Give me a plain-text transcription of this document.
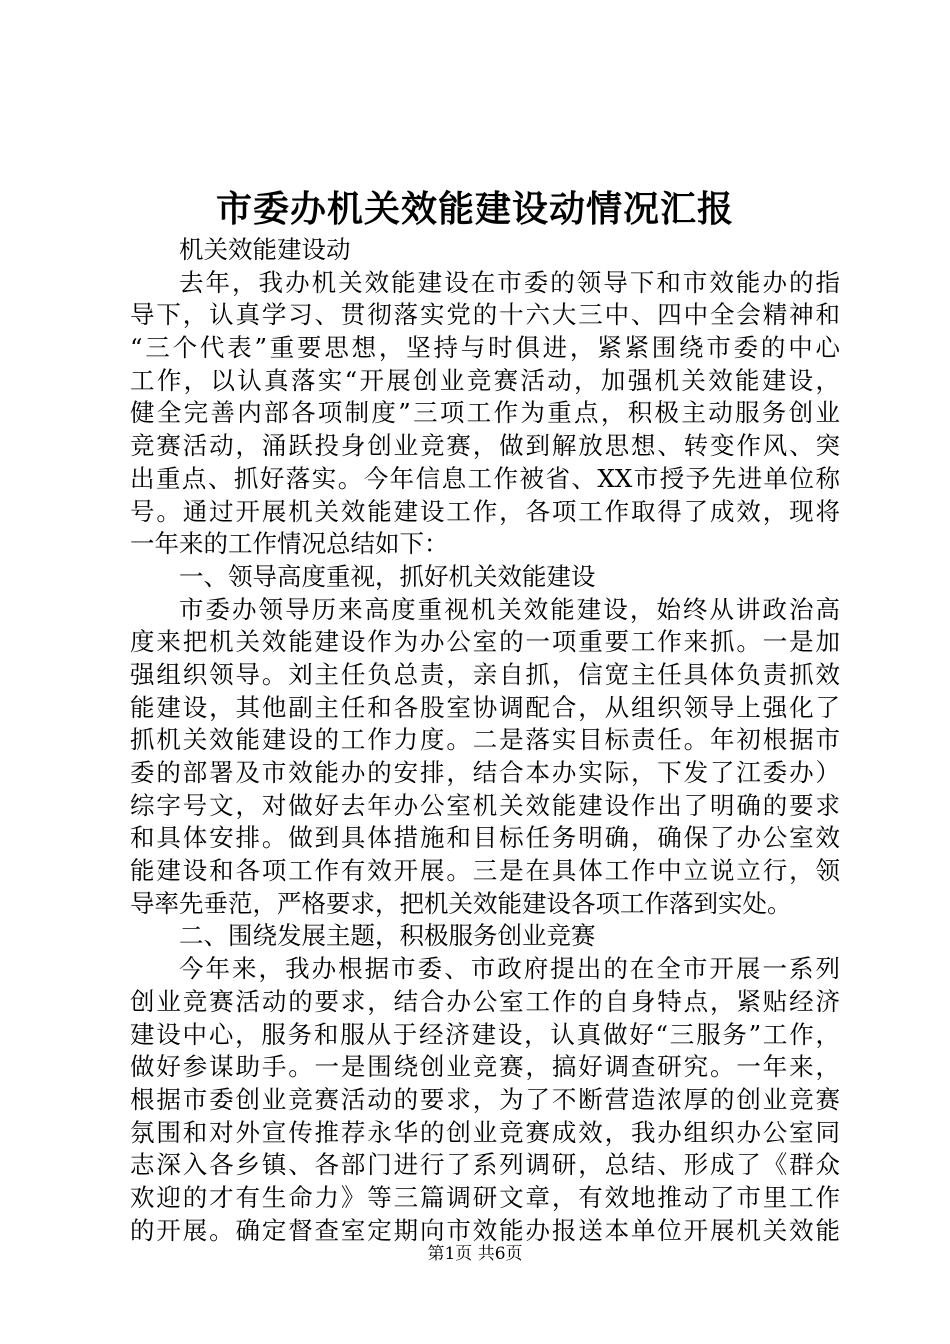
市委办机关效能建设动情况汇报
机关效能建设动
去年，我办机关效能建设在市委的领导下和市效能办的指
导下，认真学习、贯彻落实党的十六大三中、四中全会精神和
“三个代表”重要思想，坚持与时俱进，紧紧围绕市委的中心
工作，以认真落实“开展创业竞赛活动，加强机关效能建设，
健全完善内部各项制度”三项工作为重点，积极主动服务创业
竞赛活动，涌跃投身创业竞赛，做到解放思想、转变作风、突
出重点、抓好落实。今年信息工作被省、XX市授予先进单位称
号。通过开展机关效能建设工作，各项工作取得了成效，现将
一年来的工作情况总结如下：
一、领导高度重视，抓好机关效能建设
市委办领导历来高度重视机关效能建设，始终从讲政治高
度来把机关效能建设作为办公室的一项重要工作来抓。一是加
强组织领导。刘主任负总责，亲自抓，信宽主任具体负责抓效
能建设，其他副主任和各股室协调配合，从组织领导上强化了
抓机关效能建设的工作力度。二是落实目标责任。年初根据市
委的部署及市效能办的安排，结合本办实际，下发了江委办）
综字号文，对做好去年办公室机关效能建设作出了明确的要求
和具体安排。做到具体措施和目标任务明确，确保了办公室效
能建设和各项工作有效开展。三是在具体工作中立说立行，领
导率先垂范，严格要求，把机关效能建设各项工作落到实处。
二、围绕发展主题，积极服务创业竞赛
今年来，我办根据市委、市政府提出的在全市开展一系列
创业竞赛活动的要求，结合办公室工作的自身特点，紧贴经济
建设中心，服务和服从于经济建设，认真做好“三服务”工作，
做好参谋助手。一是围绕创业竞赛，搞好调查研究。一年来，
根据市委创业竞赛活动的要求，为了不断营造浓厚的创业竞赛
氛围和对外宣传推荐永华的创业竞赛成效，我办组织办公室同
志深入各乡镇、各部门进行了系列调研，总结、形成了《群众
欢迎的才有生命力》等三篇调研文章，有效地推动了市里工作
的开展。确定督查室定期向市效能办报送本单位开展机关效能
第1页 共6页
